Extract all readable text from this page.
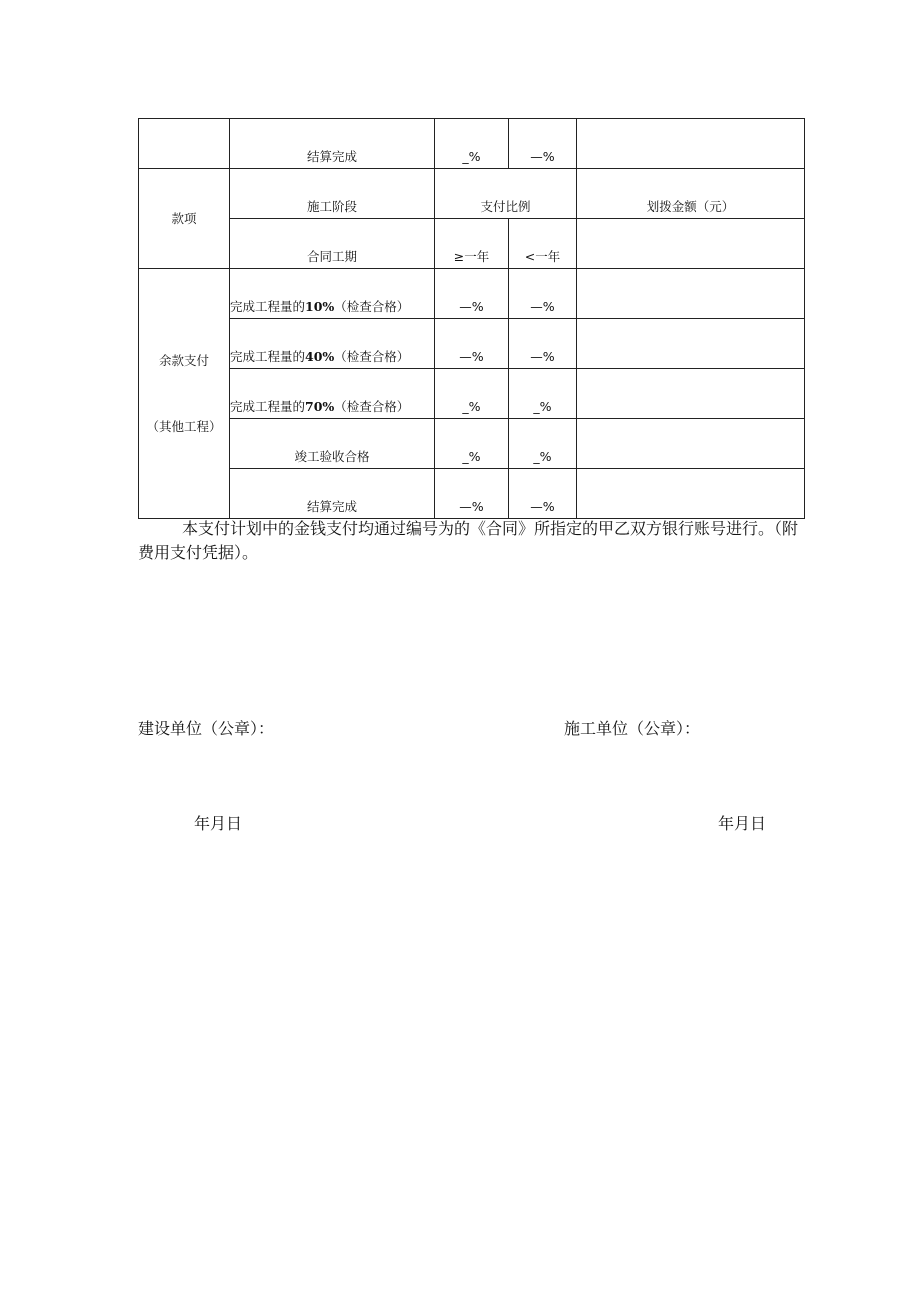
	结算完成	_%	—%	
款项	施工阶段	支付比例		划拨金额（元）
	合同工期	≥一年	<一年	

余款支付
（其他工程）	完成工程量的10%（检查合格）	—%	—%	
	完成工程量的40%（检查合格）	—%	—%	
	完成工程量的70%（检查合格）	_%	_%	
	竣工验收合格	_%	_%	
	结算完成	—%	—%	

本支付计划中的金钱支付均通过编号为的《合同》所指定的甲乙双方银行账号进行。（附费用支付凭据）。

建设单位（公章）：	施工单位（公章）：
年月日	年月日
